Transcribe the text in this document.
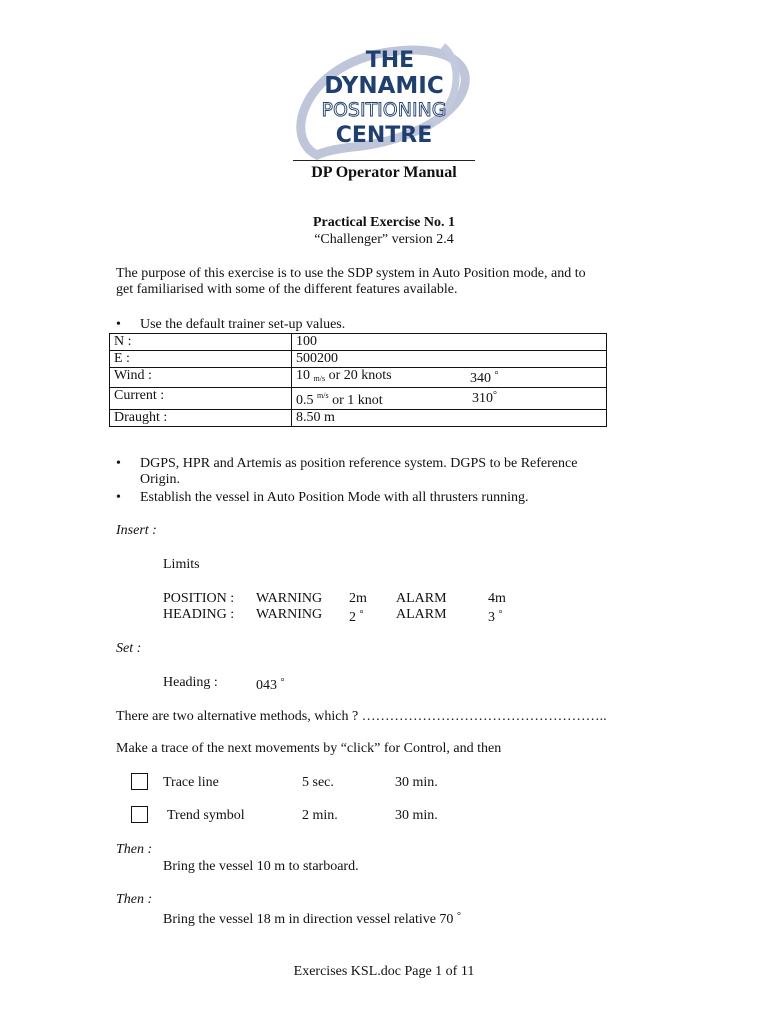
THE
DYNAMIC
POSITIONING
CENTRE
DP Operator Manual
Practical Exercise No. 1
“Challenger” version 2.4
The purpose of this exercise is to use the SDP system in Auto Position mode, and to
get familiarised with some of the different features available.
• Use the default trainer set-up values.
N :	100
E :	500200
Wind :	10 $_{m/s}$ or 20 knots 340 °

Current :	0.5 $^{m/s}$ or 1 knot 310°

Draught :	8.50 m
• DGPS, HPR and Artemis as position reference system. DGPS to be Reference
Origin.
• Establish the vessel in Auto Position Mode with all thrusters running.
Insert :
Limits
POSITION : WARNING 2m ALARM	4m
HEADING : WARNING 2 ° ALARM	3 °
Set :
Heading :	043 °
There are two alternative methods, which ? ……………………………………………..
Make a trace of the next movements by “click” for Control, and then
Trace line	5 sec.	30 min.
Trend symbol	2 min.	30 min.
Then :
Bring the vessel 10 m to starboard.
Then :
Bring the vessel 18 m in direction vessel relative 70 °
Exercises KSL.doc Page 1 of 11
